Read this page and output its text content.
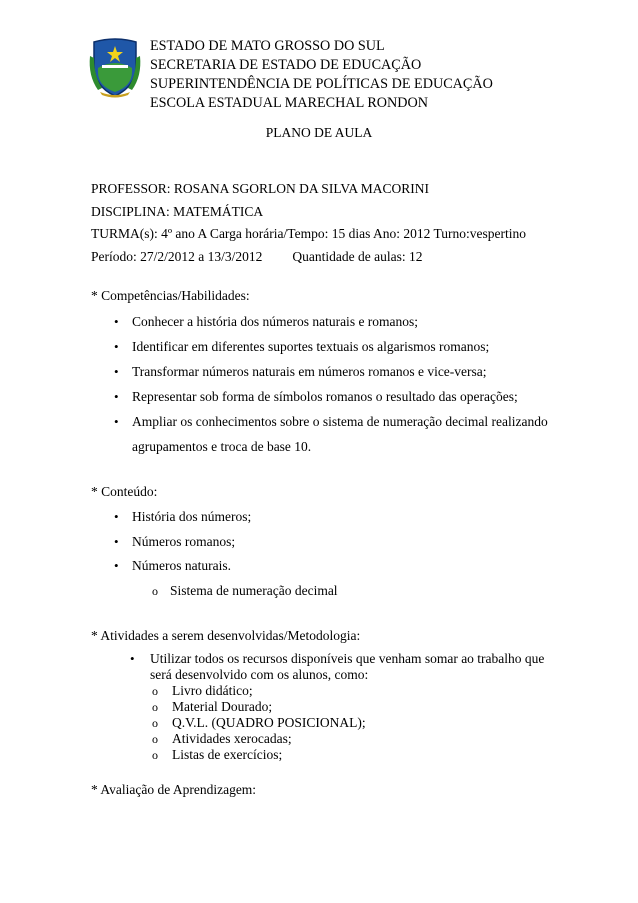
ESTADO DE MATO GROSSO DO SUL
SECRETARIA DE ESTADO DE EDUCAÇÃO
SUPERINTENDÊNCIA DE POLÍTICAS DE EDUCAÇÃO
ESCOLA ESTADUAL MARECHAL RONDON
PLANO DE AULA
PROFESSOR: ROSANA SGORLON DA SILVA MACORINI
DISCIPLINA: MATEMÁTICA
TURMA(s): 4º ano A Carga horária/Tempo: 15 dias Ano: 2012 Turno:vespertino
Período: 27/2/2012 a 13/3/2012 Quantidade de aulas: 12
* Competências/Habilidades:
• Conhecer a história dos números naturais e romanos;
• Identificar em diferentes suportes textuais os algarismos romanos;
• Transformar números naturais em números romanos e vice-versa;
• Representar sob forma de símbolos romanos o resultado das operações;
• Ampliar os conhecimentos sobre o sistema de numeração decimal realizando
agrupamentos e troca de base 10.
* Conteúdo:
• História dos números;
• Números romanos;
• Números naturais.
o Sistema de numeração decimal
* Atividades a serem desenvolvidas/Metodologia:
• Utilizar todos os recursos disponíveis que venham somar ao trabalho que
será desenvolvido com os alunos, como:
o Livro didático;
o Material Dourado;
o Q.V.L. (QUADRO POSICIONAL);
o Atividades xerocadas;
o Listas de exercícios;
* Avaliação de Aprendizagem:
